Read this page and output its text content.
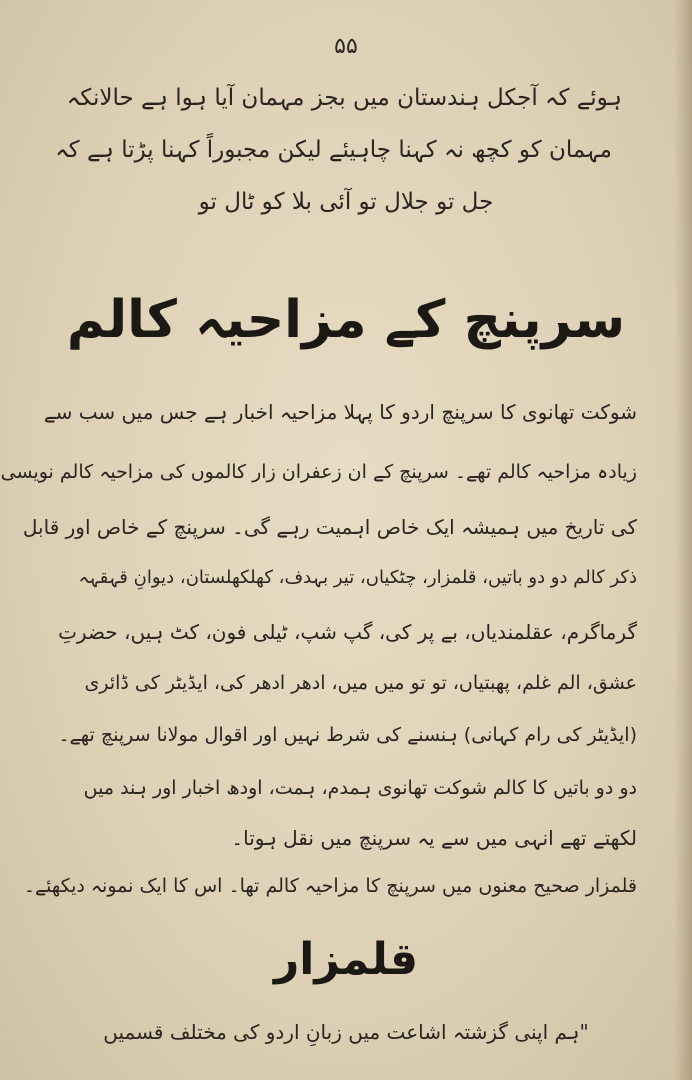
۵۵
ہوئے کہ آجکل ہندستان میں بجز مہمان آیا ہوا ہے حالانکہ
مہمان کو کچھ نہ کہنا چاہیئے لیکن مجبوراً کہنا پڑتا ہے کہ
جل تو جلال تو آئی بلا کو ٹال تو
سرپنچ کے مزاحیہ کالم
شوکت تھانوی کا سرپنچ اردو کا پہلا مزاحیہ اخبار ہے جس میں سب سے
زیادہ مزاحیہ کالم تھے۔ سرپنچ کے ان زعفران زار کالموں کی مزاحیہ کالم نویسی
کی تاریخ میں ہمیشہ ایک خاص اہمیت رہے گی۔ سرپنچ کے خاص اور قابل
ذکر کالم دو دو باتیں، قلمزار، چٹکیاں، تیر بہدف، کھلکھلستان، دیوانِ قہقہہ
گرماگرم، عقلمندیاں، بے پر کی، گپ شپ، ٹیلی فون، کٹ ہیں، حضرتِ
عشق، الم غلم، پھبتیاں، تو تو میں میں، ادھر ادھر کی، ایڈیٹر کی ڈائری
(ایڈیٹر کی رام کہانی) ہنسنے کی شرط نہیں اور اقوال مولانا سرپنچ تھے۔
دو دو باتیں کا کالم شوکت تھانوی ہمدم، ہمت، اودھ اخبار اور ہند میں
لکھتے تھے انہی میں سے یہ سرپنچ میں نقل ہوتا۔
قلمزار صحیح معنوں میں سرپنچ کا مزاحیہ کالم تھا۔ اس کا ایک نمونہ دیکھئے۔
قلمزار
"ہم اپنی گزشتہ اشاعت میں زبانِ اردو کی مختلف قسمیں
